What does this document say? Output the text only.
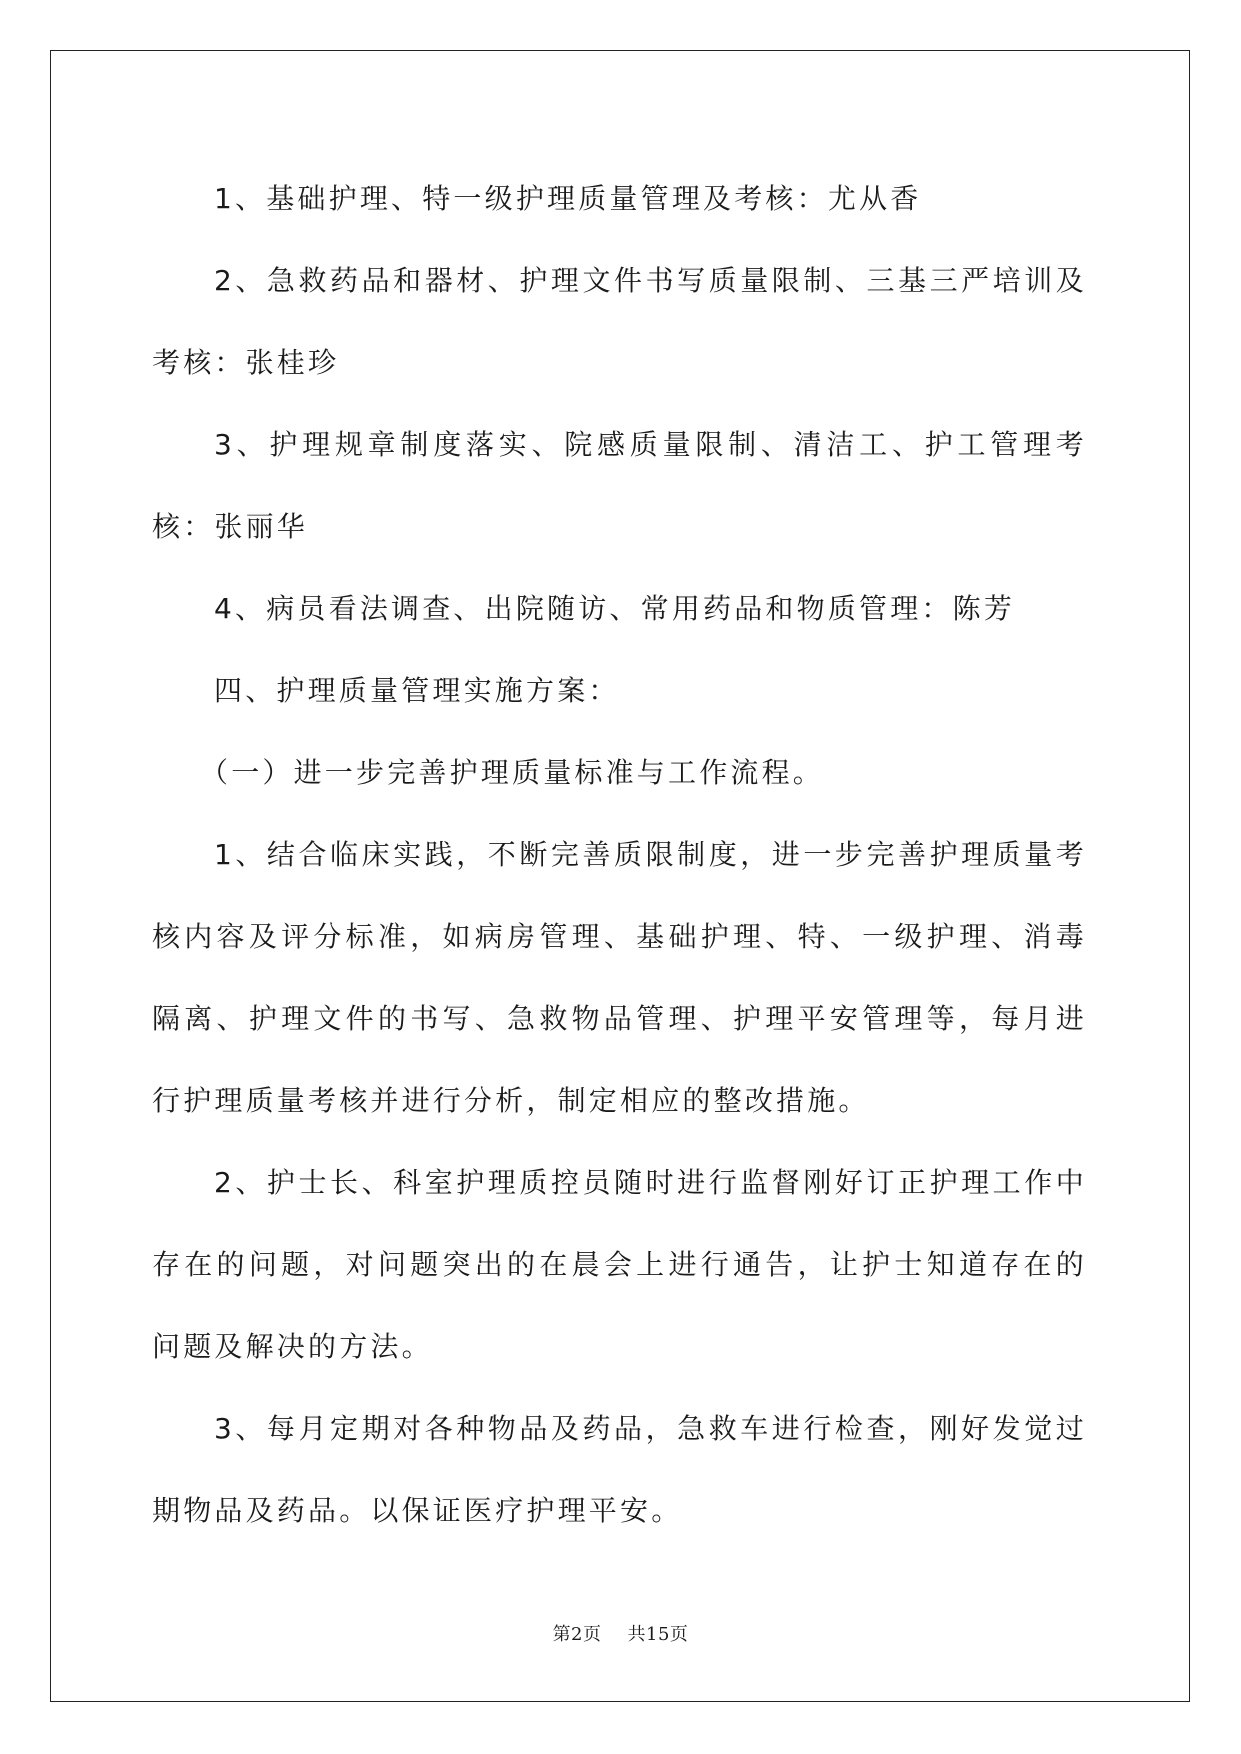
1、基础护理、特一级护理质量管理及考核：尤从香

2、急救药品和器材、护理文件书写质量限制、三基三严培训及考核：张桂珍

3、护理规章制度落实、院感质量限制、清洁工、护工管理考核：张丽华

4、病员看法调查、出院随访、常用药品和物质管理：陈芳

四、护理质量管理实施方案：

（一）进一步完善护理质量标准与工作流程。

1、结合临床实践，不断完善质限制度，进一步完善护理质量考核内容及评分标准，如病房管理、基础护理、特、一级护理、消毒隔离、护理文件的书写、急救物品管理、护理平安管理等，每月进行护理质量考核并进行分析，制定相应的整改措施。

2、护士长、科室护理质控员随时进行监督刚好订正护理工作中存在的问题，对问题突出的在晨会上进行通告，让护士知道存在的问题及解决的方法。

3、每月定期对各种物品及药品，急救车进行检查，刚好发觉过期物品及药品。以保证医疗护理平安。

第2页 共15页
